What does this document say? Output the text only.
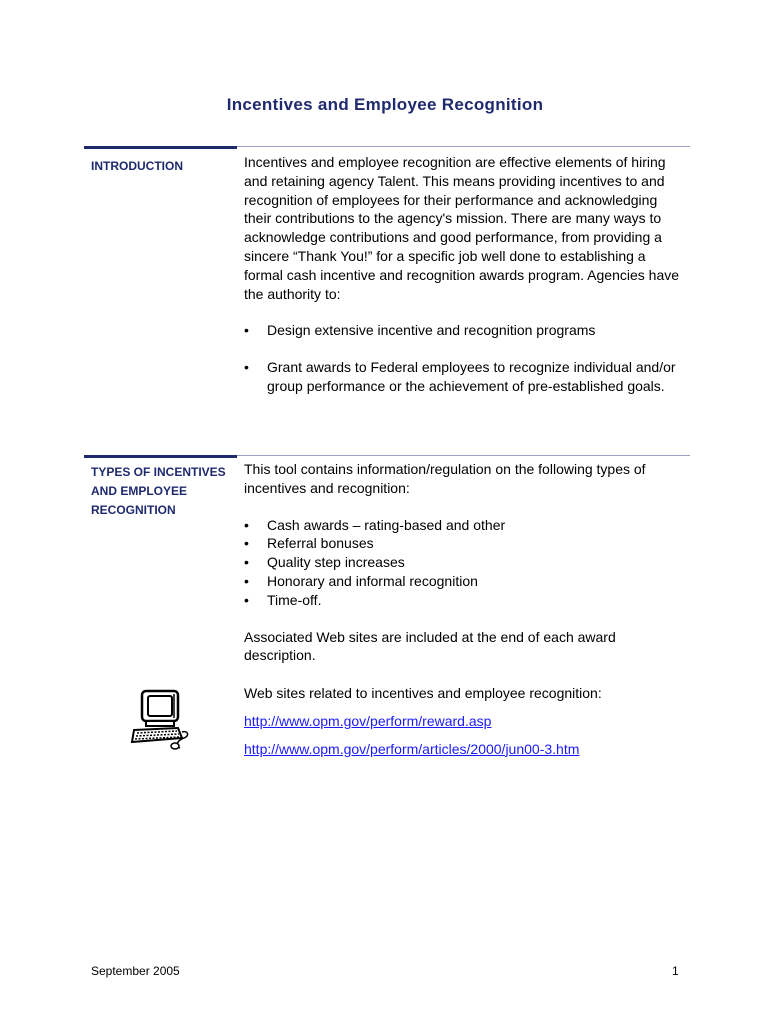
Incentives and Employee Recognition
INTRODUCTION	Incentives and employee recognition are effective elements of hiring and retaining agency Talent. This means providing incentives to and recognition of employees for their performance and acknowledging their contributions to the agency's mission. There are many ways to acknowledge contributions and good performance, from providing a sincere “Thank You!” for a specific job well done to establishing a formal cash incentive and recognition awards program. Agencies have the authority to:

• Design extensive incentive and recognition programs
• Grant awards to Federal employees to recognize individual and/or group performance or the achievement of pre-established goals.
TYPES OF INCENTIVES AND EMPLOYEE RECOGNITION

This tool contains information/regulation on the following types of incentives and recognition:

• Cash awards – rating-based and other
• Referral bonuses
• Quality step increases
• Honorary and informal recognition
• Time-off.

Associated Web sites are included at the end of each award description.

Web sites related to incentives and employee recognition:

http://www.opm.gov/perform/reward.asp
http://www.opm.gov/perform/articles/2000/jun00-3.htm
September 2005	1
